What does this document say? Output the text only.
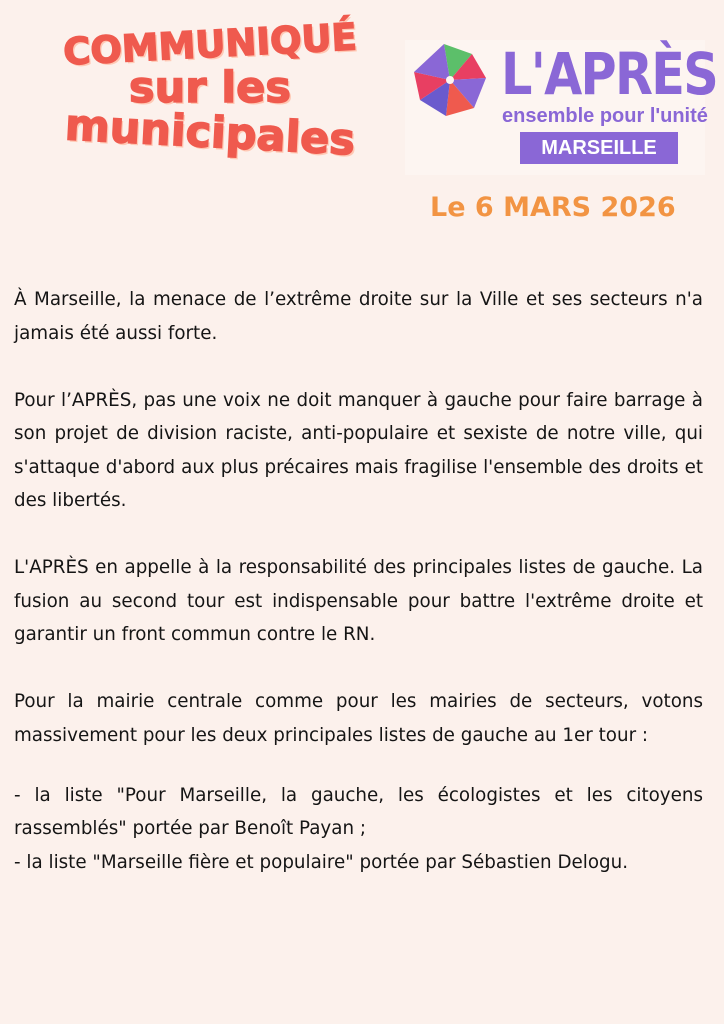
COMMUNIQUÉ
sur les
municipales
L'APRÈS
ensemble pour l'unité
MARSEILLE
Le 6 MARS 2026

À Marseille, la menace de l’extrême droite sur la Ville et ses secteurs n'a jamais été aussi forte.

Pour l’APRÈS, pas une voix ne doit manquer à gauche pour faire barrage à son projet de division raciste, anti-populaire et sexiste de notre ville, qui s'attaque d'abord aux plus précaires mais fragilise l'ensemble des droits et des libertés.

L'APRÈS en appelle à la responsabilité des principales listes de gauche. La fusion au second tour est indispensable pour battre l'extrême droite et garantir un front commun contre le RN.

Pour la mairie centrale comme pour les mairies de secteurs, votons massivement pour les deux principales listes de gauche au 1er tour :

- la liste "Pour Marseille, la gauche, les écologistes et les citoyens rassemblés" portée par Benoît Payan ;

- la liste "Marseille fière et populaire" portée par Sébastien Delogu.
